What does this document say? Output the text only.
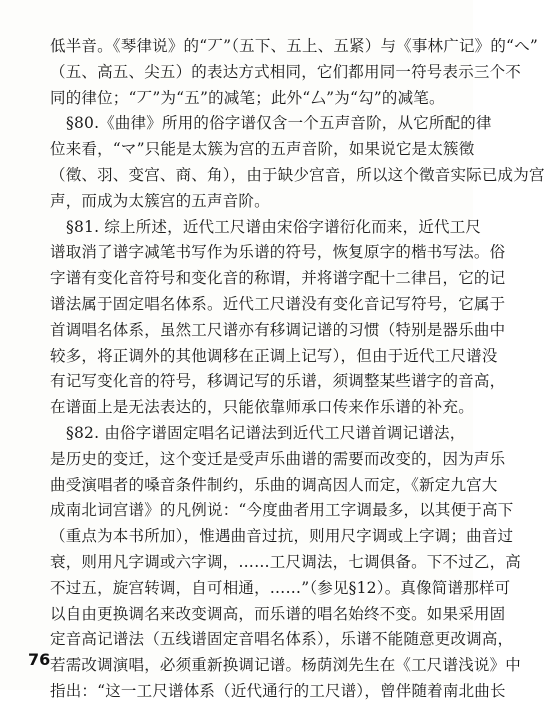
低半音。《琴律说》的“丆”（五下、五上、五紧）与《事林广记》的“へ”
（五、高五、尖五）的表达方式相同，它们都用同一符号表示三个不
同的律位；“丆”为“五”的减笔；此外“厶”为“勾”的减笔。
§80.《曲律》所用的俗字谱仅含一个五声音阶，从它所配的律
位来看，“マ”只能是太簇为宫的五声音阶，如果说它是太簇徵
（徵、羽、变宫、商、角），由于缺少宫音，所以这个徵音实际已成为宫
声，而成为太簇宫的五声音阶。
§81. 综上所述，近代工尺谱由宋俗字谱衍化而来，近代工尺
谱取消了谱字减笔书写作为乐谱的符号，恢复原字的楷书写法。俗
字谱有变化音符号和变化音的称谓，并将谱字配十二律吕，它的记
谱法属于固定唱名体系。近代工尺谱没有变化音记写符号，它属于
首调唱名体系，虽然工尺谱亦有移调记谱的习惯（特别是器乐曲中
较多，将正调外的其他调移在正调上记写），但由于近代工尺谱没
有记写变化音的符号，移调记写的乐谱，须调整某些谱字的音高，
在谱面上是无法表达的，只能依靠师承口传来作乐谱的补充。
§82. 由俗字谱固定唱名记谱法到近代工尺谱首调记谱法，
是历史的变迁，这个变迁是受声乐曲谱的需要而改变的，因为声乐
曲受演唱者的嗓音条件制约，乐曲的调高因人而定，《新定九宫大
成南北词宫谱》的凡例说：“今度曲者用工字调最多，以其便于高下
（重点为本书所加），惟遇曲音过抗，则用尺字调或上字调；曲音过
衰，则用凡字调或六字调，……工尺调法，七调俱备。下不过乙，高
不过五，旋宫转调，自可相通，……”（参见§12）。真像简谱那样可
以自由更换调名来改变调高，而乐谱的唱名始终不变。如果采用固
定音高记谱法（五线谱固定音唱名体系），乐谱不能随意更改调高，
若需改调演唱，必须重新换调记谱。杨荫浏先生在《工尺谱浅说》中
指出：“这一工尺谱体系（近代通行的工尺谱），曾伴随着南北曲长
76
